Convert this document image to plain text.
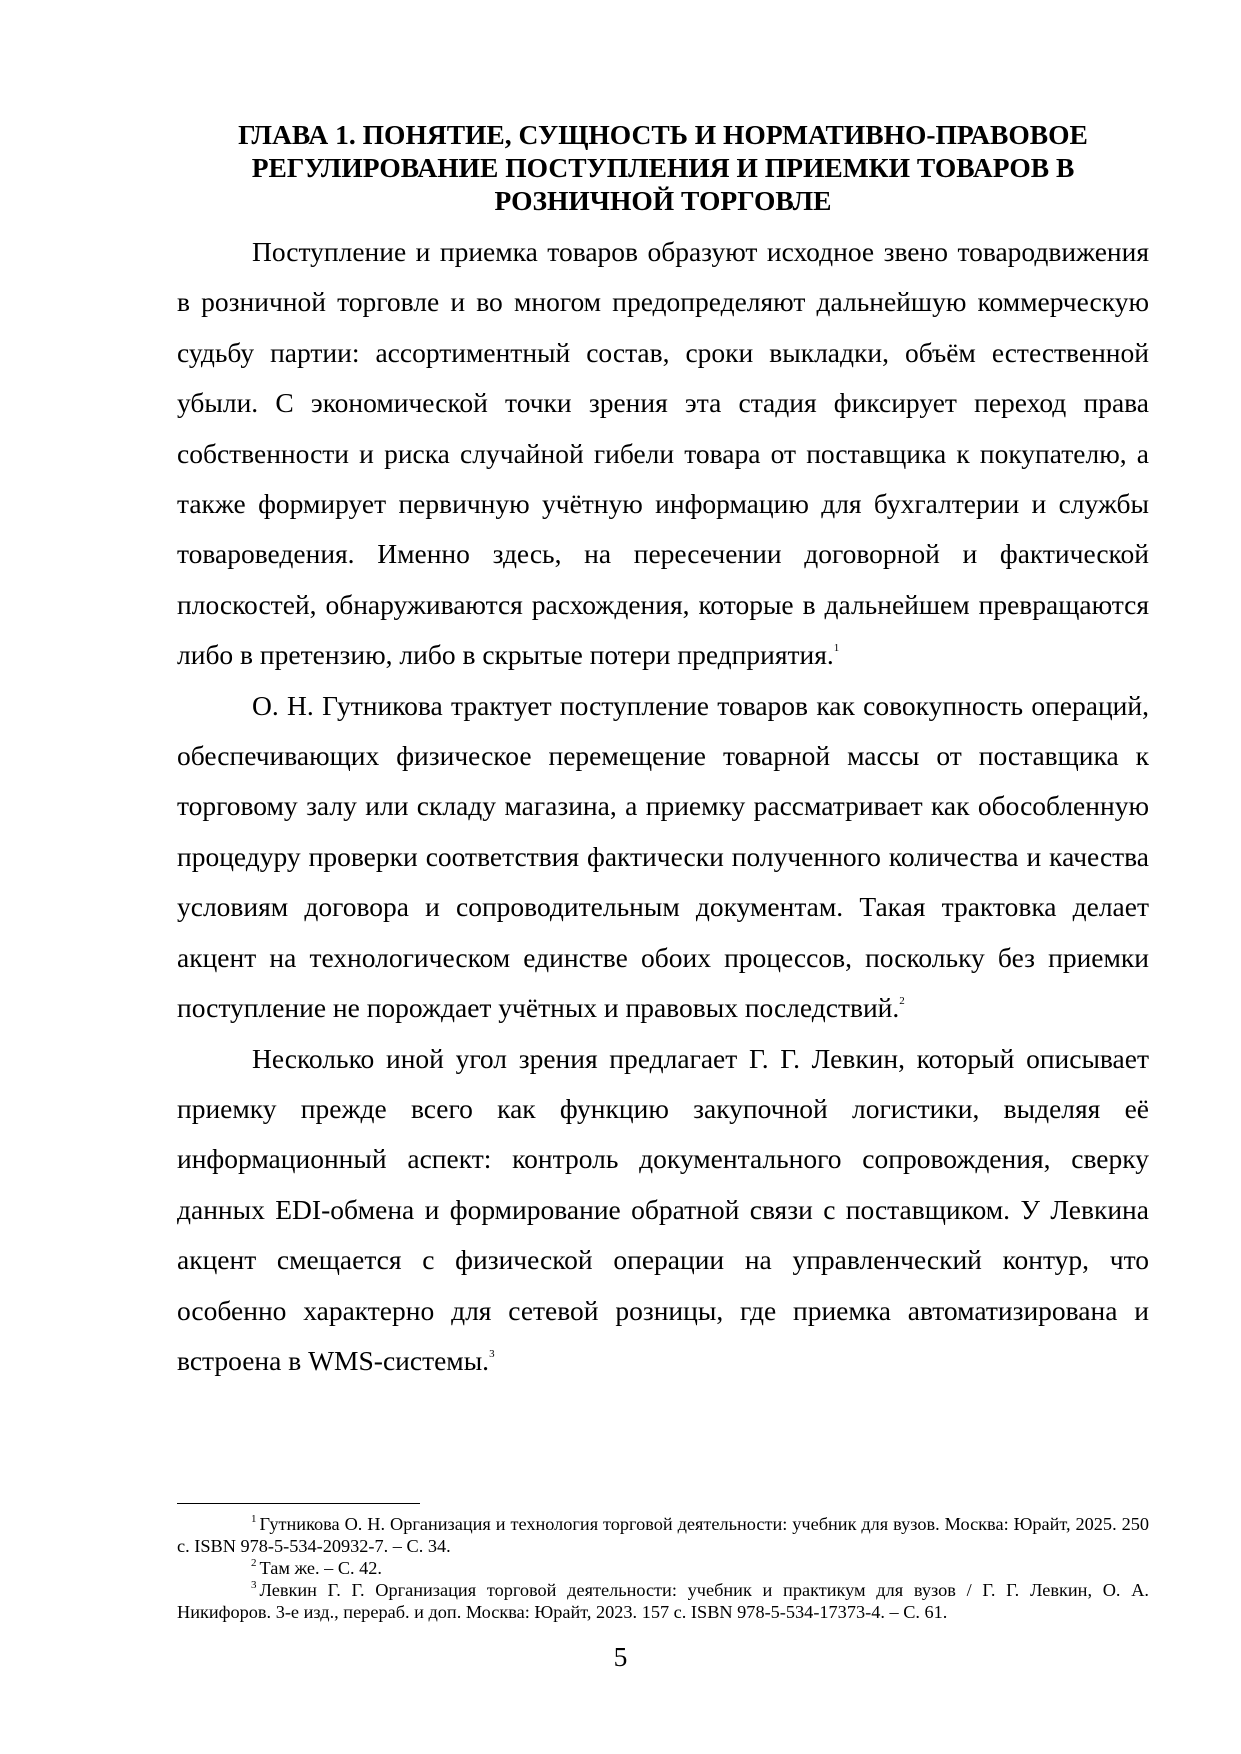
ГЛАВА 1. ПОНЯТИЕ, СУЩНОСТЬ И НОРМАТИВНО-ПРАВОВОЕ
РЕГУЛИРОВАНИЕ ПОСТУПЛЕНИЯ И ПРИЕМКИ ТОВАРОВ В
РОЗНИЧНОЙ ТОРГОВЛЕ

Поступление и приемка товаров образуют исходное звено товародвижения в розничной торговле и во многом предопределяют дальнейшую коммерческую судьбу партии: ассортиментный состав, сроки выкладки, объём естественной убыли. С экономической точки зрения эта стадия фиксирует переход права собственности и риска случайной гибели товара от поставщика к покупателю, а также формирует первичную учётную информацию для бухгалтерии и службы товароведения. Именно здесь, на пересечении договорной и фактической плоскостей, обнаруживаются расхождения, которые в дальнейшем превращаются либо в претензию, либо в скрытые потери предприятия.$^1$

О. Н. Гутникова трактует поступление товаров как совокупность операций, обеспечивающих физическое перемещение товарной массы от поставщика к торговому залу или складу магазина, а приемку рассматривает как обособленную процедуру проверки соответствия фактически полученного количества и качества условиям договора и сопроводительным документам. Такая трактовка делает акцент на технологическом единстве обоих процессов, поскольку без приемки поступление не порождает учётных и правовых последствий.$^2$

Несколько иной угол зрения предлагает Г. Г. Левкин, который описывает приемку прежде всего как функцию закупочной логистики, выделяя её информационный аспект: контроль документального сопровождения, сверку данных EDI-обмена и формирование обратной связи с поставщиком. У Левкина акцент смещается с физической операции на управленческий контур, что особенно характерно для сетевой розницы, где приемка автоматизирована и встроена в WMS-системы.$^3$

$^1$ Гутникова О. Н. Организация и технология торговой деятельности: учебник для вузов. Москва: Юрайт, 2025. 250 с. ISBN 978-5-534-20932-7. – С. 34.

$^2$ Там же. – С. 42.

$^3$ Левкин Г. Г. Организация торговой деятельности: учебник и практикум для вузов / Г. Г. Левкин, О. А. Никифоров. 3-е изд., перераб. и доп. Москва: Юрайт, 2023. 157 с. ISBN 978-5-534-17373-4. – С. 61.

5
